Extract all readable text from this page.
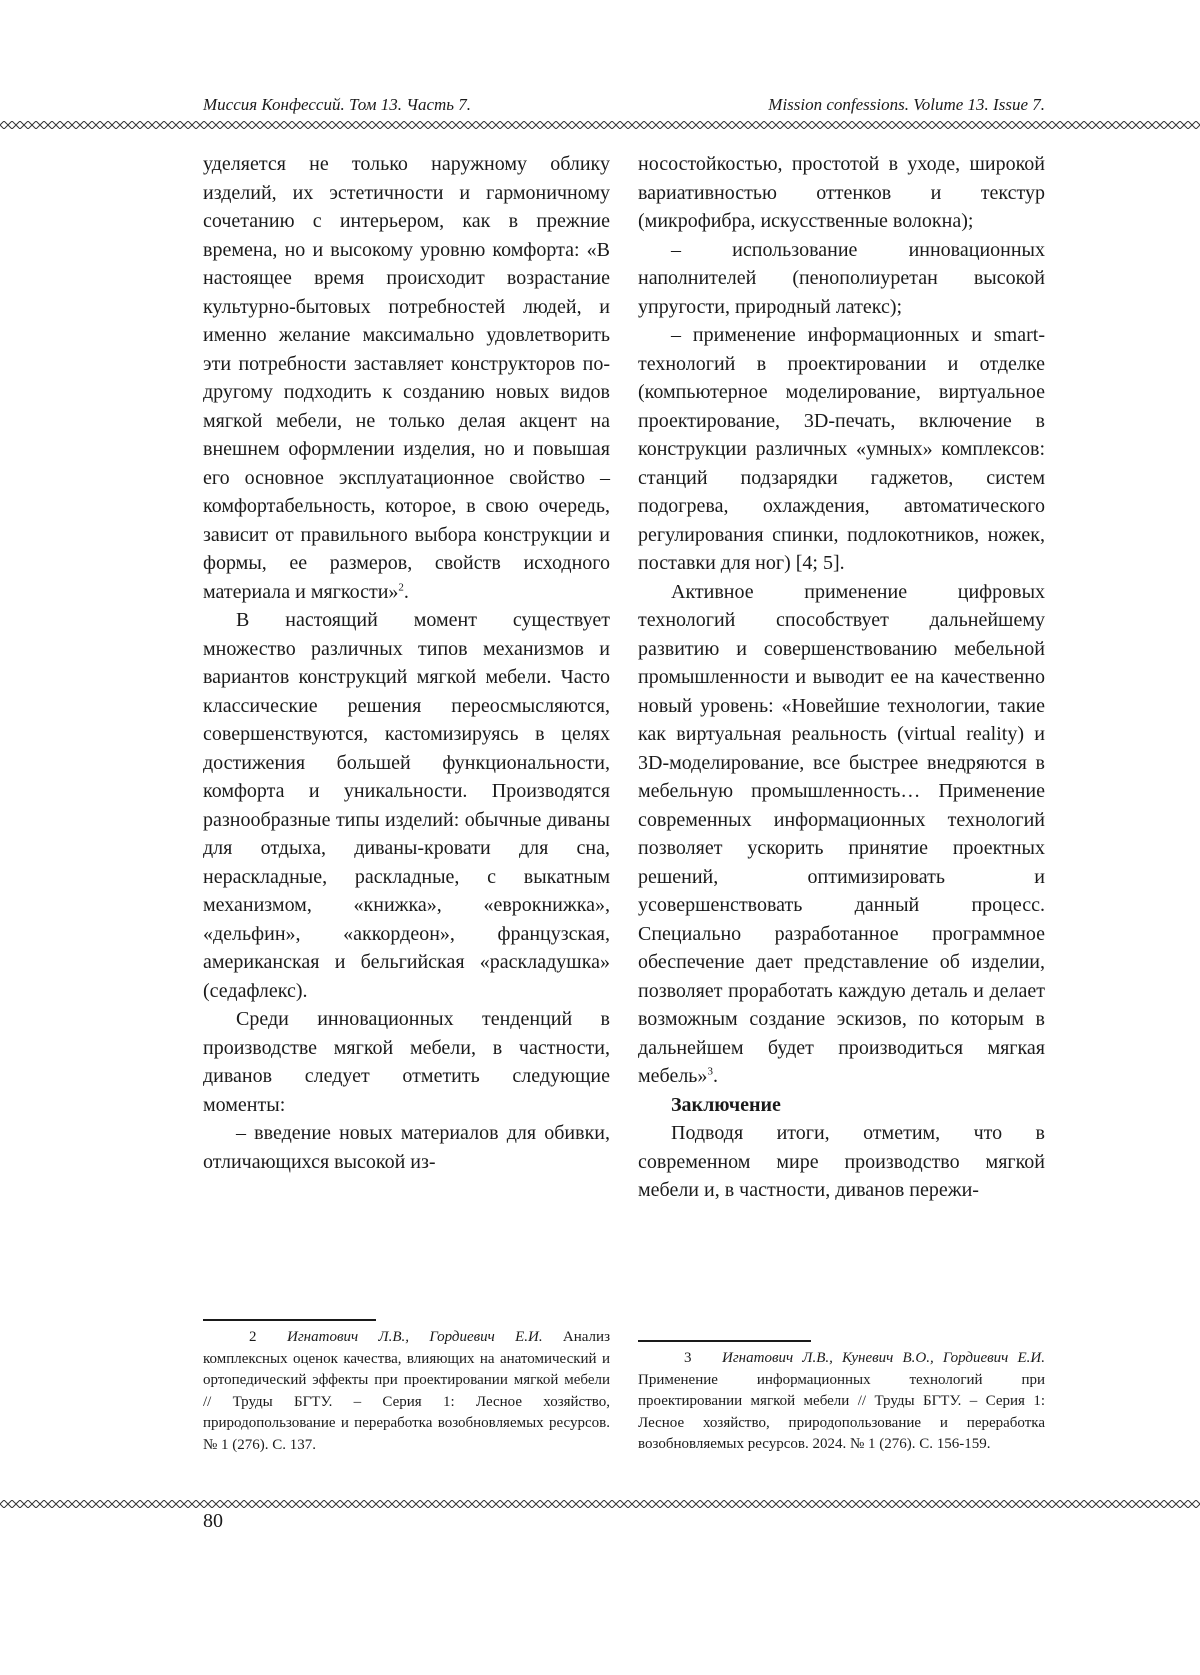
Миссия Конфессий. Том 13. Часть 7.	Mission confessions. Volume 13. Issue 7.

уделяется не только наружному облику изделий, их эстетичности и гармоничному сочетанию с интерьером, как в прежние времена, но и высокому уровню комфорта: «В настоящее время происходит возрастание культурно-бытовых потребностей людей, и именно желание максимально удовлетворить эти потребности заставляет конструкторов по-другому подходить к созданию новых видов мягкой мебели, не только делая акцент на внешнем оформлении изделия, но и повышая его основное эксплуатационное свойство – комфортабельность, которое, в свою очередь, зависит от правильного выбора конструкции и формы, ее размеров, свойств исходного материала и мягкости»$^2$.

В настоящий момент существует множество различных типов механизмов и вариантов конструкций мягкой мебели. Часто классические решения переосмысляются, совершенствуются, кастомизируясь в целях достижения большей функциональности, комфорта и уникальности. Производятся разнообразные типы изделий: обычные диваны для отдыха, диваны-кровати для сна, нераскладные, раскладные, с выкатным механизмом, «книжка», «еврокнижка», «дельфин», «аккордеон», французская, американская и бельгийская «раскладушка» (седафлекс).

Среди инновационных тенденций в производстве мягкой мебели, в частности, диванов следует отметить следующие моменты:

– введение новых материалов для обивки, отличающихся высокой из-

носостойкостью, простотой в уходе, широкой вариативностью оттенков и текстур (микрофибра, искусственные волокна);

– использование инновационных наполнителей (пенополиуретан высокой упругости, природный латекс);

– применение информационных и smart-технологий в проектировании и отделке (компьютерное моделирование, виртуальное проектирование, 3D-печать, включение в конструкции различных «умных» комплексов: станций подзарядки гаджетов, систем подогрева, охлаждения, автоматического регулирования спинки, подлокотников, ножек, поставки для ног) [4; 5].

Активное применение цифровых технологий способствует дальнейшему развитию и совершенствованию мебельной промышленности и выводит ее на качественно новый уровень: «Новейшие технологии, такие как виртуальная реальность (virtual reality) и 3D-моделирование, все быстрее внедряются в мебельную промышленность… Применение современных информационных технологий позволяет ускорить принятие проектных решений, оптимизировать и усовершенствовать данный процесс. Специально разработанное программное обеспечение дает представление об изделии, позволяет проработать каждую деталь и делает возможным создание эскизов, по которым в дальнейшем будет производиться мягкая мебель»$^3$.

Заключение

Подводя итоги, отметим, что в современном мире производство мягкой мебели и, в частности, диванов пережи-

2 Игнатович Л.В., Гордиевич Е.И. Анализ комплексных оценок качества, влияющих на анатомический и ортопедический эффекты при проектировании мягкой мебели // Труды БГТУ. – Серия 1: Лесное хозяйство, природопользование и переработка возобновляемых ресурсов. № 1 (276). С. 137.
3 Игнатович Л.В., Куневич В.О., Гордиевич Е.И. Применение информационных технологий при проектировании мягкой мебели // Труды БГТУ. – Серия 1: Лесное хозяйство, природопользование и переработка возобновляемых ресурсов. 2024. № 1 (276). С. 156-159.
80
